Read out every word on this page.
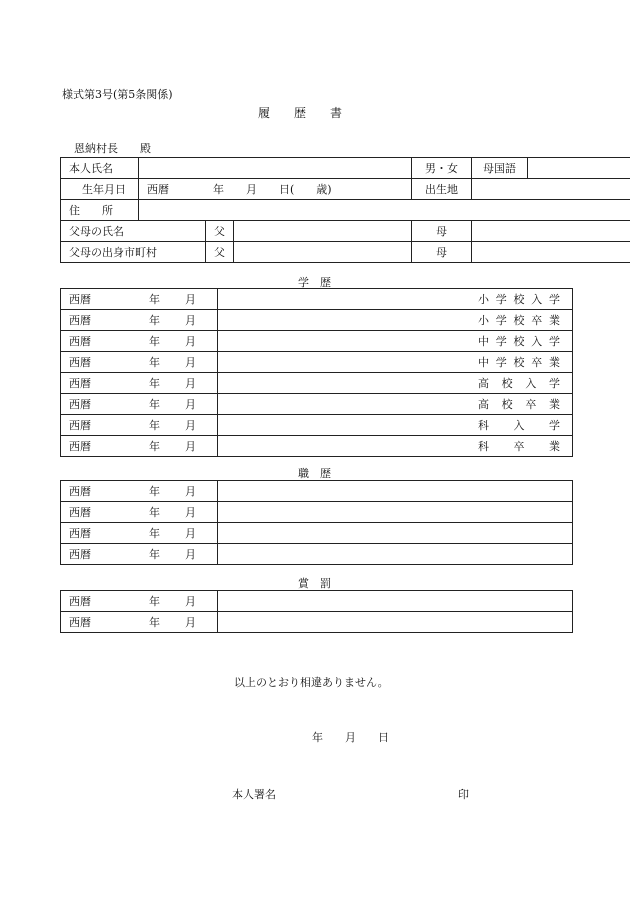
様式第3号(第5条関係)
履　　歴　　書
恩納村長　　殿
本人氏名				男・女	母国語	
生年月日	西暦　　　　年　　月　　日(　　歳)			出生地		
住　　所						
父母の氏名		父		母		
父母の出身市町村		父		母		
学　歴
西暦 年 月	小学校入学
西暦 年 月	小学校卒業
西暦 年 月	中学校入学
西暦 年 月	中学校卒業
西暦 年 月	高校入学
西暦 年 月	高校卒業
西暦 年 月	科入学
西暦 年 月	科卒業
職　歴
西暦 年 月	
西暦 年 月	
西暦 年 月	
西暦 年 月	
賞　罰
西暦 年 月	
西暦 年 月	
以上のとおり相違ありません。
年　　月　　日
本人署名	印
